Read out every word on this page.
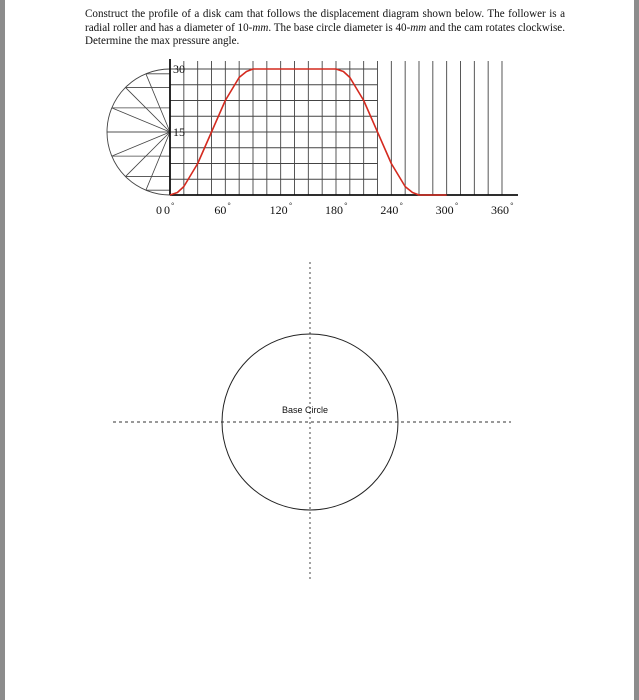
Construct the profile of a disk cam that follows the displacement diagram shown below. The follower is a radial roller and has a diameter of 10-mm. The base circle diameter is 40-mm and the cam rotates clockwise. Determine the max pressure angle.

0
15
30
0 °	60 °	120 °	180 °	240 °	300 °	360 °
Base Circle
